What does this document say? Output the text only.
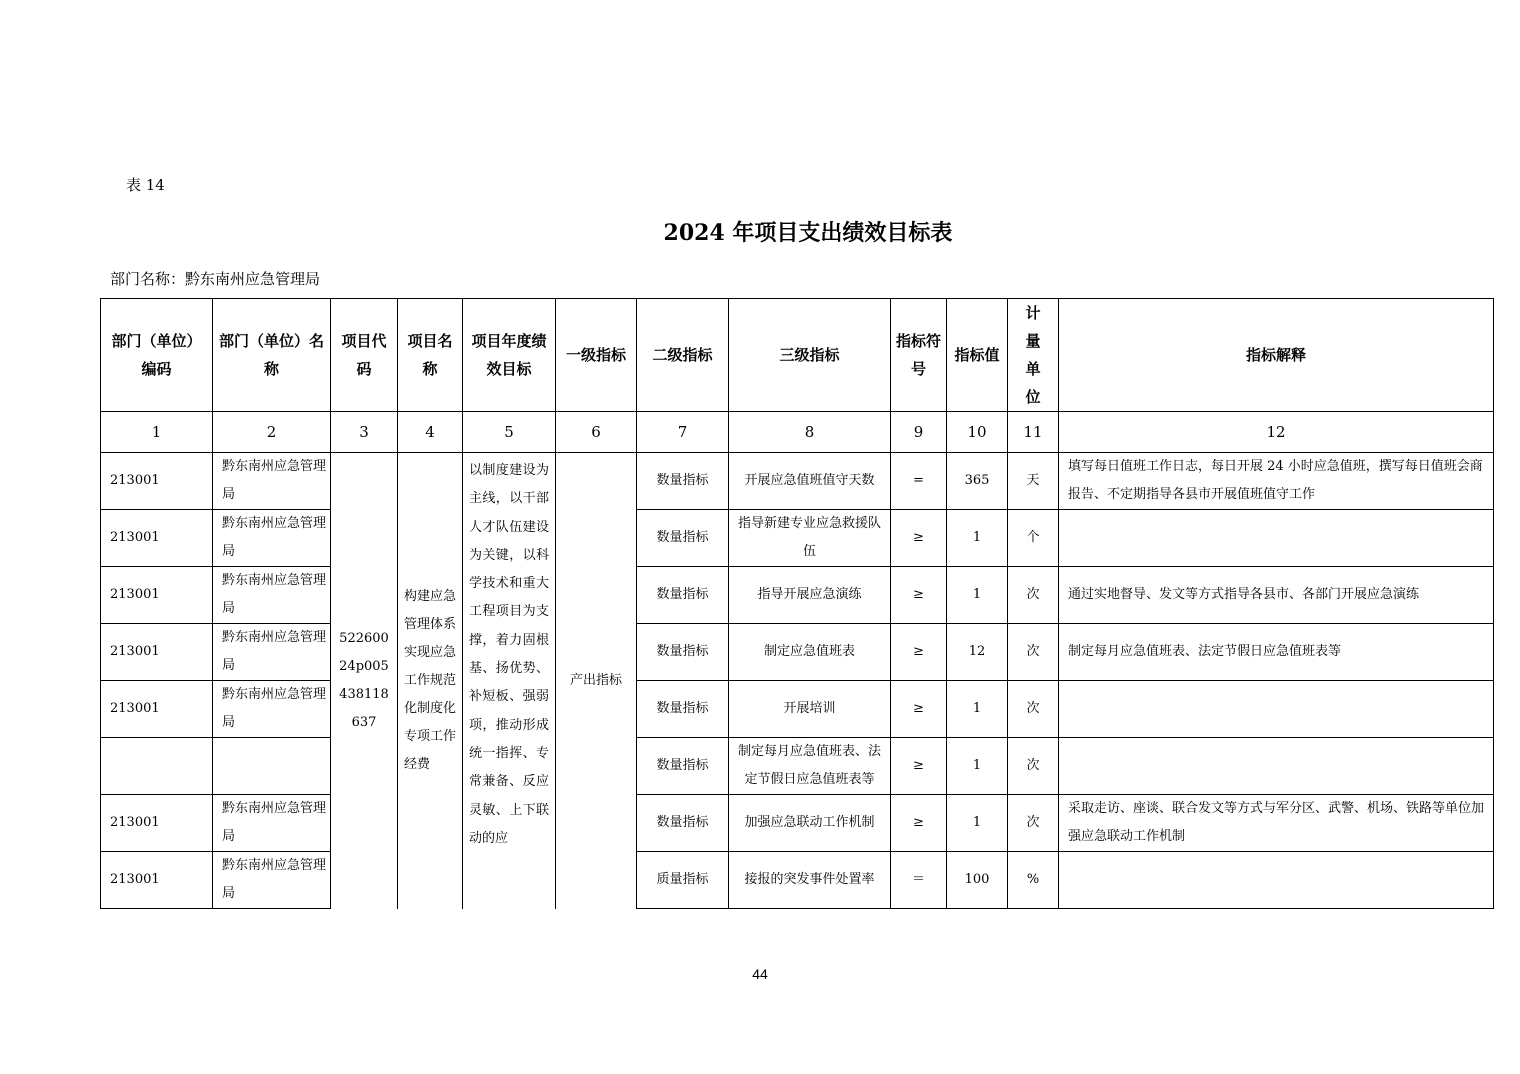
表 14
2024 年项目支出绩效目标表
部门名称：黔东南州应急管理局
部门（单位）编码	部门（单位）名称	项目代码	项目名称	项目年度绩效目标	一级指标	二级指标	三级指标	指标符号	指标值	计量单位	指标解释
1	2	3	4	5	6	7	8	9	10	11	12
213001	黔东南州应急管理局	52260024p005438118637	构建应急管理体系实现应急工作规范化制度化专项工作经费	以制度建设为主线，以干部人才队伍建设为关键，以科学技术和重大工程项目为支撑，着力固根基、扬优势、补短板、强弱项，推动形成统一指挥、专常兼备、反应灵敏、上下联动的应	产出指标	数量指标	开展应急值班值守天数	=	365	天	填写每日值班工作日志，每日开展 24 小时应急值班，撰写每日值班会商报告、不定期指导各县市开展值班值守工作
213001	黔东南州应急管理局					数量指标	指导新建专业应急救援队伍	≥	1	个	
213001	黔东南州应急管理局					数量指标	指导开展应急演练	≥	1	次	通过实地督导、发文等方式指导各县市、各部门开展应急演练
213001	黔东南州应急管理局					数量指标	制定应急值班表	≥	12	次	制定每月应急值班表、法定节假日应急值班表等
213001	黔东南州应急管理局					数量指标	开展培训	≥	1	次	
						数量指标	制定每月应急值班表、法定节假日应急值班表等	≥	1	次	
213001	黔东南州应急管理局					数量指标	加强应急联动工作机制	≥	1	次	采取走访、座谈、联合发文等方式与军分区、武警、机场、铁路等单位加强应急联动工作机制
213001	黔东南州应急管理局					质量指标	接报的突发事件处置率	＝	100	%	
44
